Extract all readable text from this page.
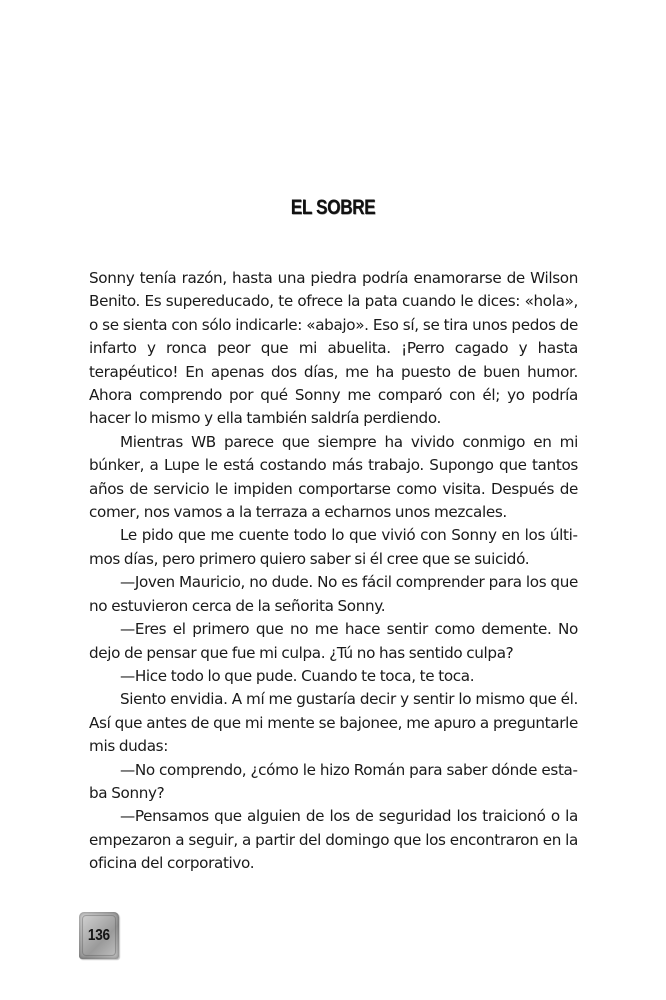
EL SOBRE

Sonny tenía razón, hasta una piedra podría enamorarse de Wilson Benito. Es supereducado, te ofrece la pata cuando le dices: «hola», o se sienta con sólo indicarle: «abajo». Eso sí, se tira unos pedos de infarto y ronca peor que mi abuelita. ¡Perro cagado y hasta terapéutico! En apenas dos días, me ha puesto de buen humor. Ahora comprendo por qué Sonny me comparó con él; yo podría hacer lo mismo y ella también saldría perdiendo.

Mientras WB parece que siempre ha vivido conmigo en mi búnker, a Lupe le está costando más trabajo. Supongo que tantos años de servicio le impiden comportarse como visita. Después de comer, nos vamos a la terraza a echarnos unos mezcales.

Le pido que me cuente todo lo que vivió con Sonny en los últimos días, pero primero quiero saber si él cree que se suicidó.

—Joven Mauricio, no dude. No es fácil comprender para los que no estuvieron cerca de la señorita Sonny.

—Eres el primero que no me hace sentir como demente. No dejo de pensar que fue mi culpa. ¿Tú no has sentido culpa?

—Hice todo lo que pude. Cuando te toca, te toca.

Siento envidia. A mí me gustaría decir y sentir lo mismo que él. Así que antes de que mi mente se bajonee, me apuro a preguntarle mis dudas:

—No comprendo, ¿cómo le hizo Román para saber dónde estaba Sonny?

—Pensamos que alguien de los de seguridad los traicionó o la empezaron a seguir, a partir del domingo que los encontraron en la oficina del corporativo.

136
